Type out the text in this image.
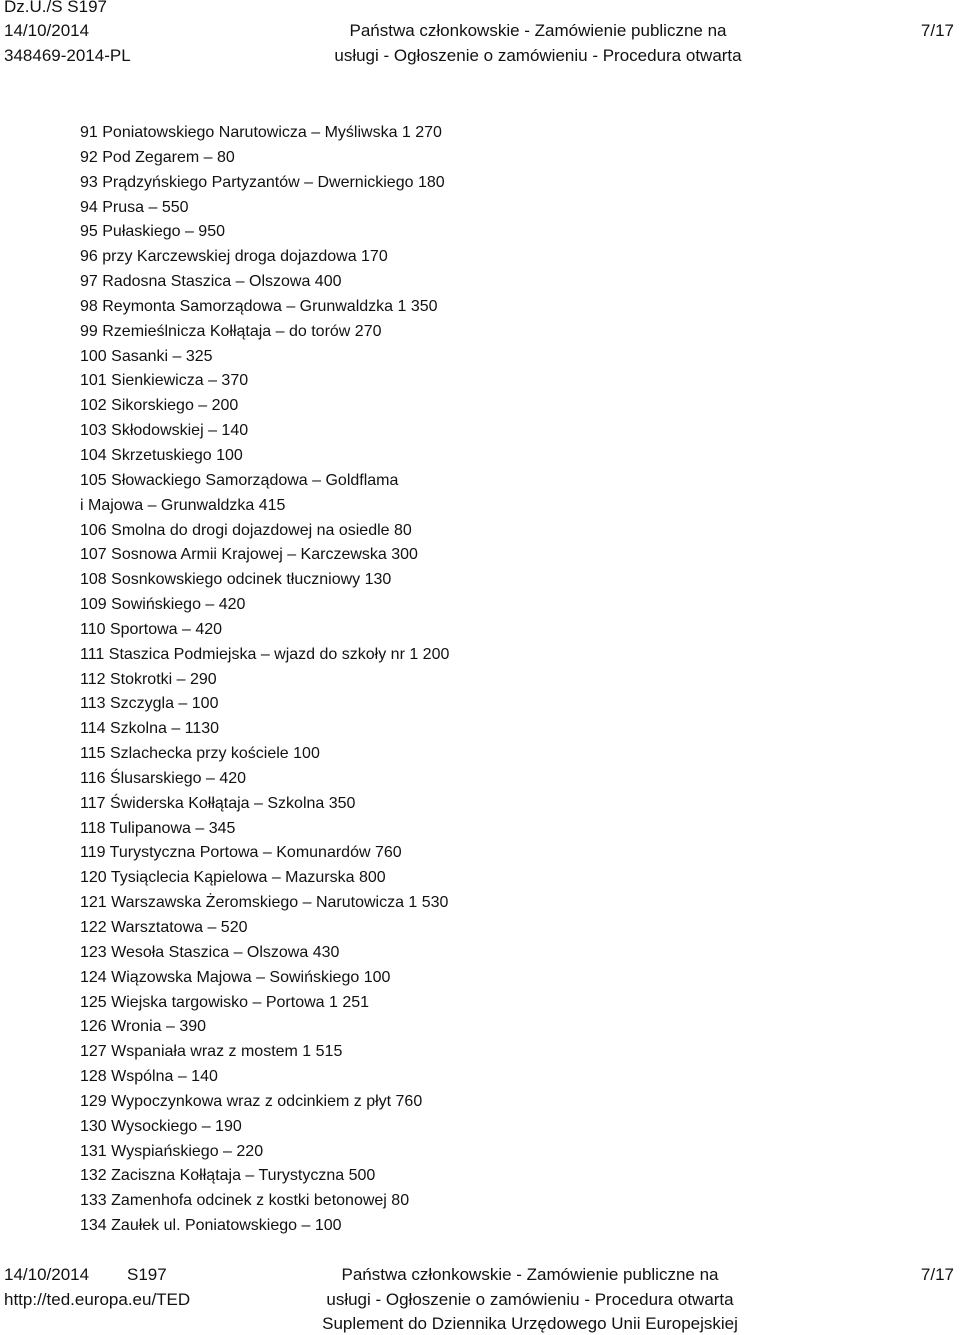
Dz.U./S S197

14/10/2014

348469-2014-PL

Państwa członkowskie - Zamówienie publiczne na

usługi - Ogłoszenie o zamówieniu - Procedura otwarta

7/17

91 Poniatowskiego Narutowicza – Myśliwska 1 270

92 Pod Zegarem – 80

93 Prądzyńskiego Partyzantów – Dwernickiego 180

94 Prusa – 550

95 Pułaskiego – 950

96 przy Karczewskiej droga dojazdowa 170

97 Radosna Staszica – Olszowa 400

98 Reymonta Samorządowa – Grunwaldzka 1 350

99 Rzemieślnicza Kołłątaja – do torów 270

100 Sasanki – 325

101 Sienkiewicza – 370

102 Sikorskiego – 200

103 Skłodowskiej – 140

104 Skrzetuskiego 100

105 Słowackiego Samorządowa – Goldflama

i Majowa – Grunwaldzka 415

106 Smolna do drogi dojazdowej na osiedle 80

107 Sosnowa Armii Krajowej – Karczewska 300

108 Sosnkowskiego odcinek tłuczniowy 130

109 Sowińskiego – 420

110 Sportowa – 420

111 Staszica Podmiejska – wjazd do szkoły nr 1 200

112 Stokrotki – 290

113 Szczygla – 100

114 Szkolna – 1130

115 Szlachecka przy kościele 100

116 Ślusarskiego – 420

117 Świderska Kołłątaja – Szkolna 350

118 Tulipanowa – 345

119 Turystyczna Portowa – Komunardów 760

120 Tysiąclecia Kąpielowa – Mazurska 800

121 Warszawska Żeromskiego – Narutowicza 1 530

122 Warsztatowa – 520

123 Wesoła Staszica – Olszowa 430

124 Wiązowska Majowa – Sowińskiego 100

125 Wiejska targowisko – Portowa 1 251

126 Wronia – 390

127 Wspaniała wraz z mostem 1 515

128 Wspólna – 140

129 Wypoczynkowa wraz z odcinkiem z płyt 760

130 Wysockiego – 190

131 Wyspiańskiego – 220

132 Zaciszna Kołłątaja – Turystyczna 500

133 Zamenhofa odcinek z kostki betonowej 80

134 Zaułek ul. Poniatowskiego – 100

14/10/2014 S197

http://ted.europa.eu/TED

Państwa członkowskie - Zamówienie publiczne na

usługi - Ogłoszenie o zamówieniu - Procedura otwarta

Suplement do Dziennika Urzędowego Unii Europejskiej

7/17
